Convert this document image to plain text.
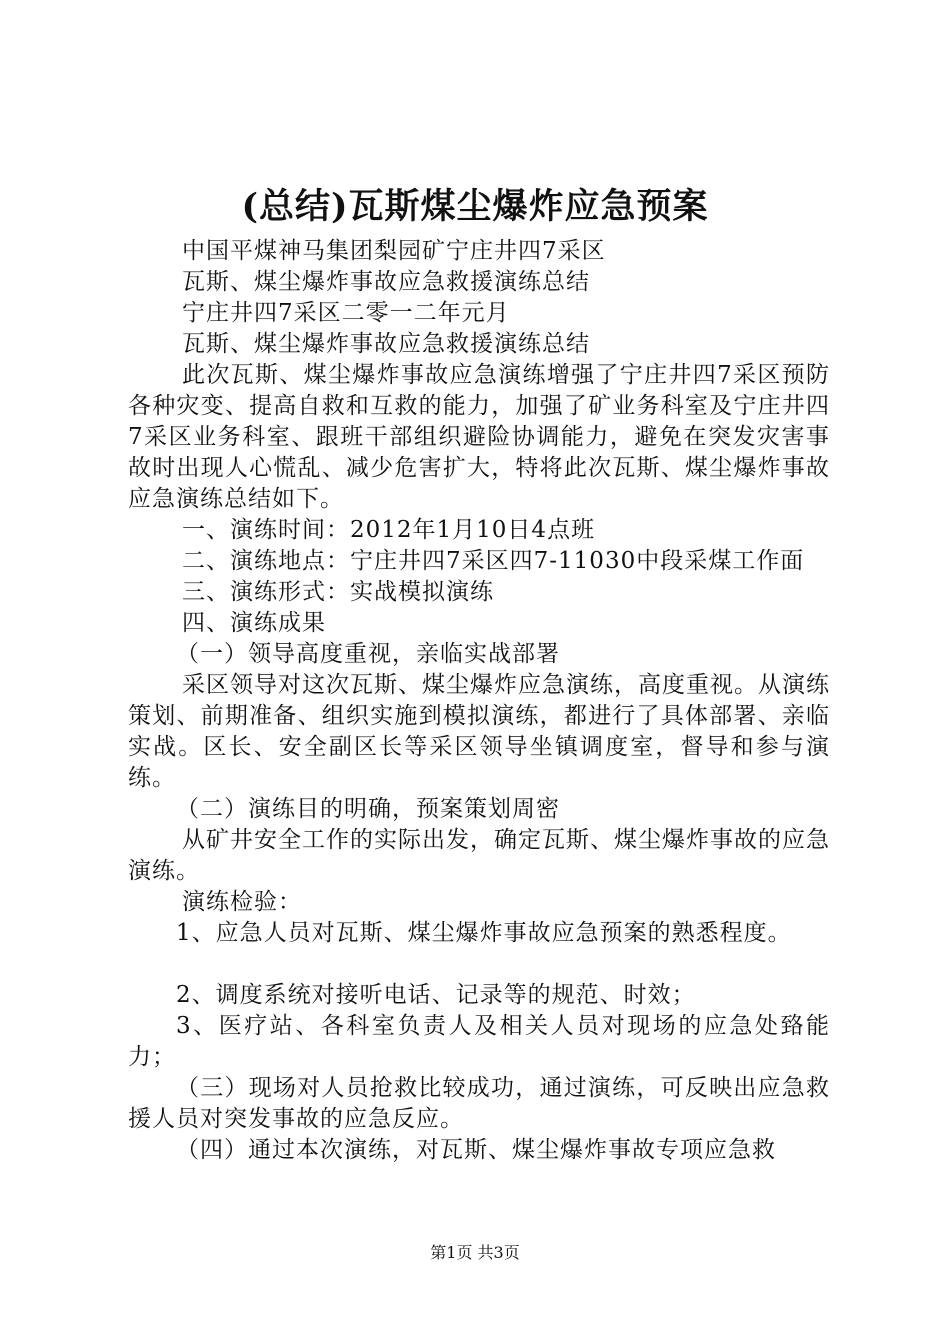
(总结)瓦斯煤尘爆炸应急预案

中国平煤神马集团梨园矿宁庄井四7采区

瓦斯、煤尘爆炸事故应急救援演练总结

宁庄井四7采区二零一二年元月

瓦斯、煤尘爆炸事故应急救援演练总结

此次瓦斯、煤尘爆炸事故应急演练增强了宁庄井四7采区预防各种灾变、提高自救和互救的能力，加强了矿业务科室及宁庄井四7采区业务科室、跟班干部组织避险协调能力，避免在突发灾害事故时出现人心慌乱、减少危害扩大，特将此次瓦斯、煤尘爆炸事故应急演练总结如下。

一、演练时间：2012年1月10日4点班

二、演练地点：宁庄井四7采区四7-11030中段采煤工作面

三、演练形式：实战模拟演练

四、演练成果

（一）领导高度重视，亲临实战部署

采区领导对这次瓦斯、煤尘爆炸应急演练，高度重视。从演练策划、前期准备、组织实施到模拟演练，都进行了具体部署、亲临实战。区长、安全副区长等采区领导坐镇调度室，督导和参与演练。

（二）演练目的明确，预案策划周密

从矿井安全工作的实际出发，确定瓦斯、煤尘爆炸事故的应急演练。

演练检验：

1、应急人员对瓦斯、煤尘爆炸事故应急预案的熟悉程度。

2、调度系统对接听电话、记录等的规范、时效；

3、医疗站、各科室负责人及相关人员对现场的应急处臵能力；

（三）现场对人员抢救比较成功，通过演练，可反映出应急救援人员对突发事故的应急反应。

（四）通过本次演练，对瓦斯、煤尘爆炸事故专项应急救

第1页 共3页
